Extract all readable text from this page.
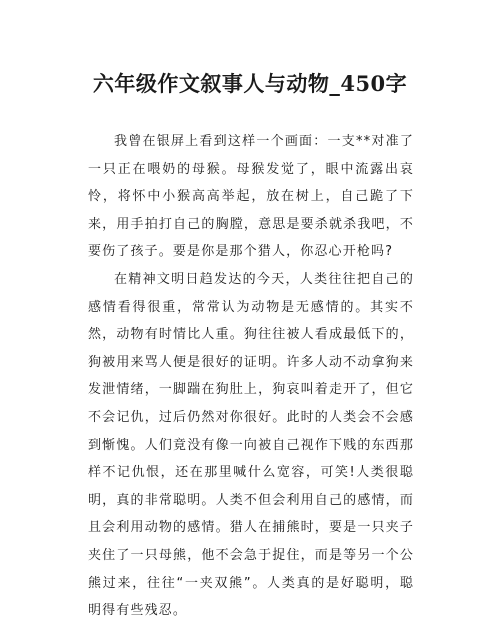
六年级作文叙事人与动物_450字

我曾在银屏上看到这样一个画面：一支**对准了一只正在喂奶的母猴。母猴发觉了，眼中流露出哀怜，将怀中小猴高高举起，放在树上，自己跪了下来，用手拍打自己的胸膛，意思是要杀就杀我吧，不要伤了孩子。要是你是那个猎人，你忍心开枪吗?

在精神文明日趋发达的今天，人类往往把自己的感情看得很重，常常认为动物是无感情的。其实不然，动物有时情比人重。狗往往被人看成最低下的，狗被用来骂人便是很好的证明。许多人动不动拿狗来发泄情绪，一脚踹在狗肚上，狗哀叫着走开了，但它不会记仇，过后仍然对你很好。此时的人类会不会感到惭愧。人们竟没有像一向被自己视作下贱的东西那样不记仇恨，还在那里喊什么宽容，可笑!人类很聪明，真的非常聪明。人类不但会利用自己的感情，而且会利用动物的感情。猎人在捕熊时，要是一只夹子夹住了一只母熊，他不会急于捉住，而是等另一个公熊过来，往往“一夹双熊”。人类真的是好聪明，聪明得有些残忍。
